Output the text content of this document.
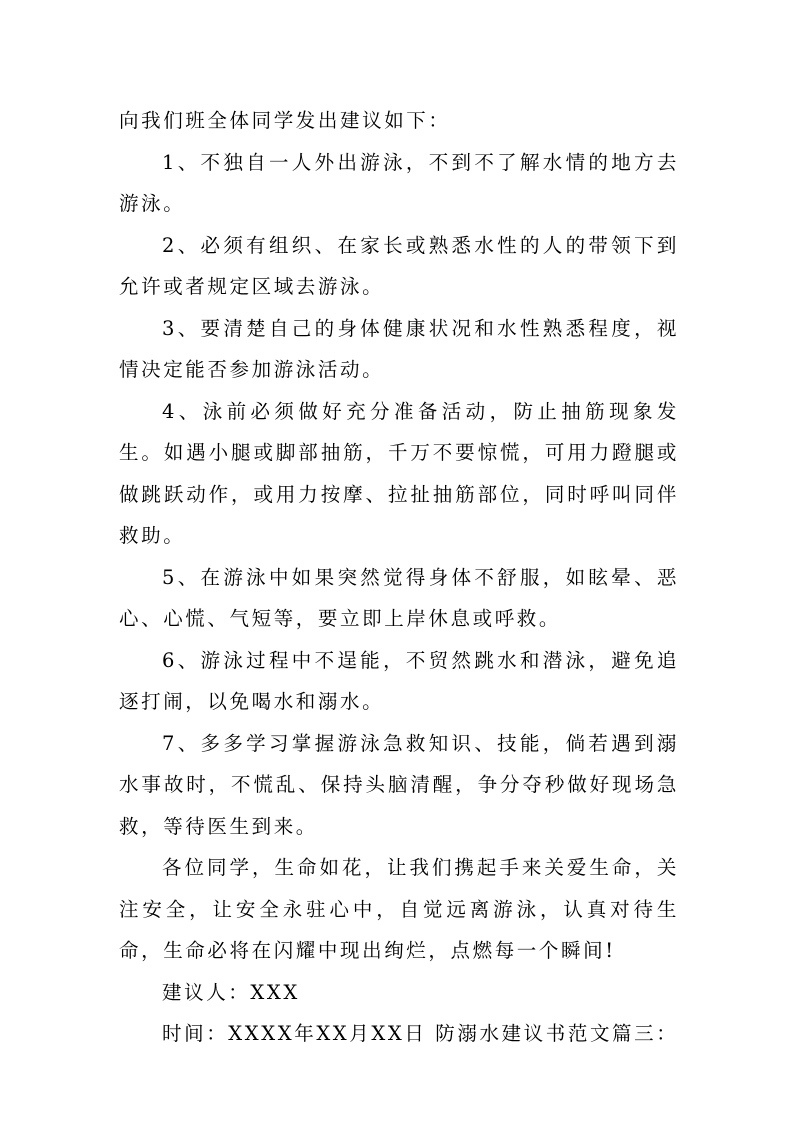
向我们班全体同学发出建议如下：

1、不独自一人外出游泳，不到不了解水情的地方去游泳。

2、必须有组织、在家长或熟悉水性的人的带领下到允许或者规定区域去游泳。

3、要清楚自己的身体健康状况和水性熟悉程度，视情决定能否参加游泳活动。

4、泳前必须做好充分准备活动，防止抽筋现象发生。如遇小腿或脚部抽筋，千万不要惊慌，可用力蹬腿或做跳跃动作，或用力按摩、拉扯抽筋部位，同时呼叫同伴救助。

5、在游泳中如果突然觉得身体不舒服，如眩晕、恶心、心慌、气短等，要立即上岸休息或呼救。

6、游泳过程中不逞能，不贸然跳水和潜泳，避免追逐打闹，以免喝水和溺水。

7、多多学习掌握游泳急救知识、技能，倘若遇到溺水事故时，不慌乱、保持头脑清醒，争分夺秒做好现场急救，等待医生到来。

各位同学，生命如花，让我们携起手来关爱生命，关注安全，让安全永驻心中，自觉远离游泳，认真对待生命，生命必将在闪耀中现出绚烂，点燃每一个瞬间!

建议人：XXX

时间：XXXX年XX月XX日 防溺水建议书范文篇三：
